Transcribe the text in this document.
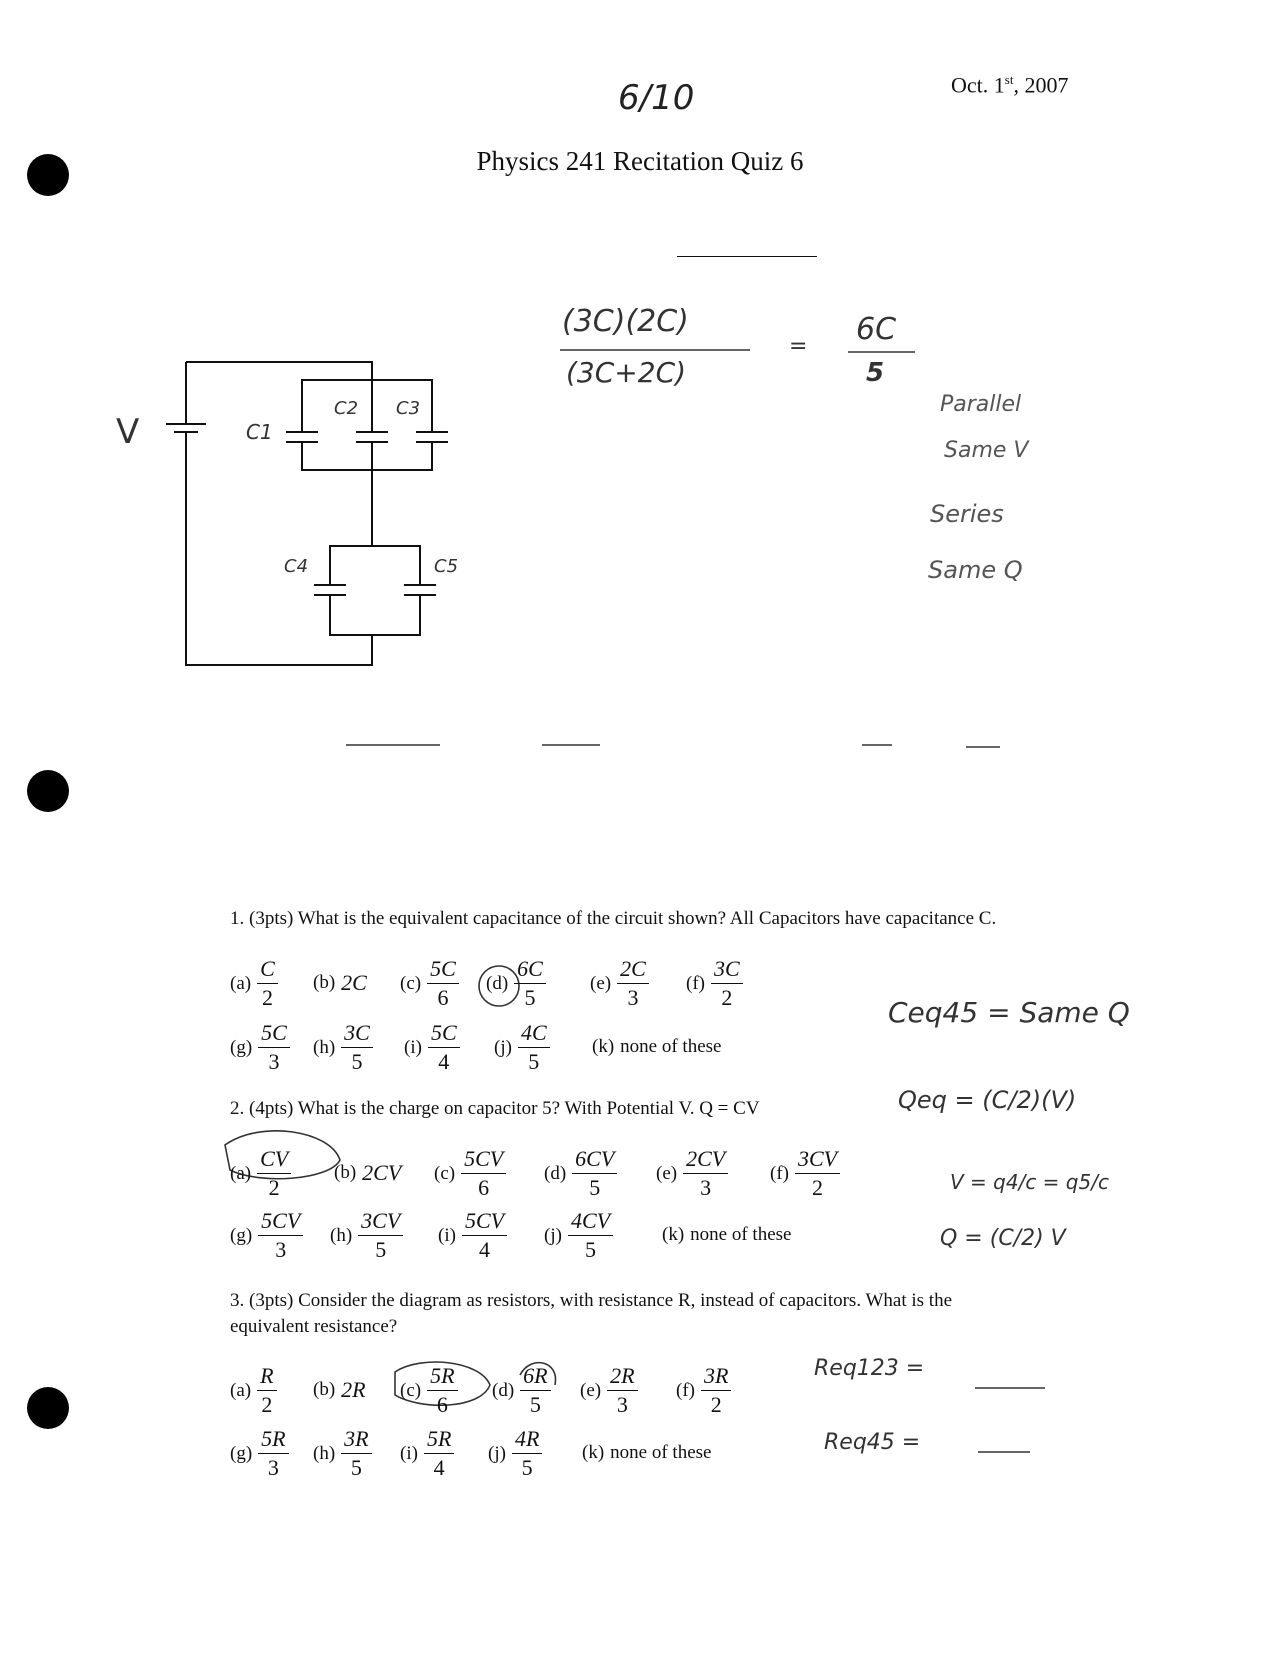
6/10	Oct. 1st, 2007
Physics 241 Recitation Quiz 6
V	C1
C2 C3
C4	C5
(3C)(2C)
(3C+2C)
= 6C
5
Parallel
Same V
Series
Same Q
1. (3pts) What is the equivalent capacitance of the circuit shown? All Capacitors have capacitance C.
$(a) \frac{C}{2} (b)$ 2C $(c) \frac{5C}{6} (d) \frac{6C}{5} (e) \frac{2C}{3} (f) \frac{3C}{2}$
$(g) \frac{5C}{3} (h) \frac{3C}{5} (i) \frac{5C}{4} (j) \frac{4C}{5} (k)$ none of these
Ceq45 = Same Q
2. (4pts) What is the charge on capacitor 5? With Potential V. Q = CV
$(a) \frac{CV}{2} (b)$ 2CV $(c) \frac{5CV}{6} (d) \frac{6CV}{5} (e) \frac{2CV}{3} (f) \frac{3CV}{2}$
$(g) \frac{5CV}{3} (h) \frac{3CV}{5} (i) \frac{5CV}{4} (j) \frac{4CV}{5}$	(k) none of these
Qeq = (C/2)(V)
V = q4/c = q5/c
Q = (C/2) V
3. (3pts) Consider the diagram as resistors, with resistance R, instead of capacitors. What is the
equivalent resistance?
$(a) \frac{R}{2} (b)$ 2R $(c) \frac{5R}{6} (d) \frac{6R}{5} (e) \frac{2R}{3} (f) \frac{3R}{2}$
$(g) \frac{5R}{3} (h) \frac{3R}{5} (i) \frac{5R}{4} (j) \frac{4R}{5} (k)$ none of these
Req123 =
Req45 =
